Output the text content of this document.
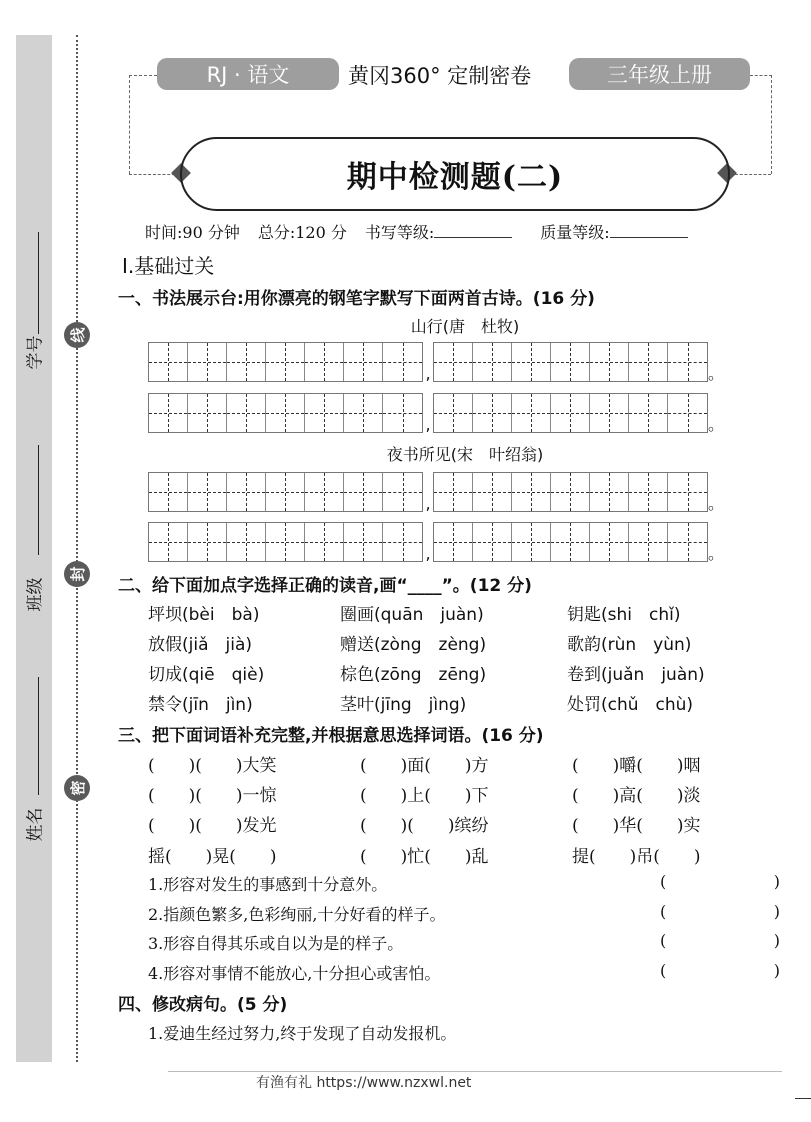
学号
班级
姓名
线
封
密
RJ · 语文	黄冈360° 定制密卷	三年级上册
期中检测题(二)
时间:90 分钟 总分:120 分 书写等级:	质量等级:
Ⅰ.基础过关
一、书法展示台:用你漂亮的钢笔字默写下面两首古诗。(16 分)
山行(唐　杜牧)
,	。
,	。
夜书所见(宋　叶绍翁)
,	。
,	。
二、给下面加点字选择正确的读音,画“____”。(12 分)
坪坝(bèi　bà)	圈画(quān　juàn)	钥匙(shi　chǐ)
放假(jiǎ　jià)	赠送(zòng　zèng)	歌韵(rùn　yùn)
切成(qiē　qiè)	棕色(zōng　zēng)	卷到(juǎn　juàn)
禁令(jīn　jìn)	茎叶(jīng　jìng)	处罚(chǔ　chù)
三、把下面词语补充完整,并根据意思选择词语。(16 分)
(　　)(　　)大笑	(　　)面(　　)方	(　　)嚼(　　)咽
(　　)(　　)一惊	(　　)上(　　)下	(　　)高(　　)淡
(　　)(　　)发光	(　　)(　　)缤纷	(　　)华(　　)实
摇(　　)晃(　　)	(　　)忙(　　)乱	提(　　)吊(　　)
1.形容对发生的事感到十分意外。	(	)
2.指颜色繁多,色彩绚丽,十分好看的样子。	(	)
3.形容自得其乐或自以为是的样子。	(	)
4.形容对事情不能放心,十分担心或害怕。	(	)
四、修改病句。(5 分)
1.爱迪生经过努力,终于发现了自动发报机。
有渔有礼 https://www.nzxwl.net
